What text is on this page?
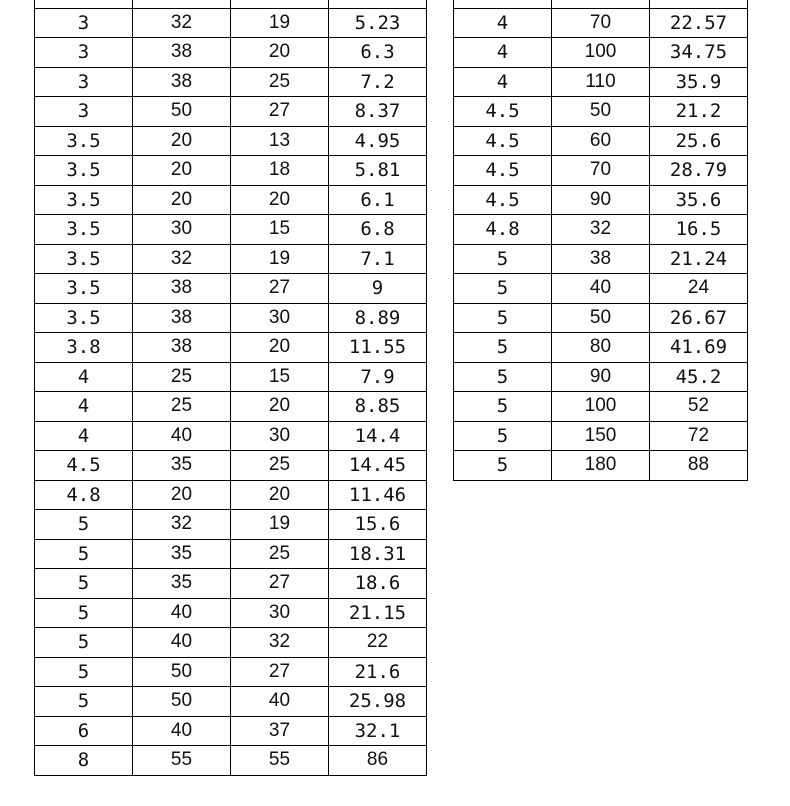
3	32	19	5.23
3	38	20	6.3
3	38	25	7.2
3	50	27	8.37
3.5	20	13	4.95
3.5	20	18	5.81
3.5	20	20	6.1
3.5	30	15	6.8
3.5	32	19	7.1
3.5	38	27	9
3.5	38	30	8.89
3.8	38	20	11.55
4	25	15	7.9
4	25	20	8.85
4	40	30	14.4
4.5	35	25	14.45
4.8	20	20	11.46
5	32	19	15.6
5	35	25	18.31
5	35	27	18.6
5	40	30	21.15
5	40	32	22
5	50	27	21.6
5	50	40	25.98
6	40	37	32.1
8	55	55	86

4	70	22.57
4	100	34.75
4	110	35.9
4.5	50	21.2
4.5	60	25.6
4.5	70	28.79
4.5	90	35.6
4.8	32	16.5
5	38	21.24
5	40	24
5	50	26.67
5	80	41.69
5	90	45.2
5	100	52
5	150	72
5	180	88
